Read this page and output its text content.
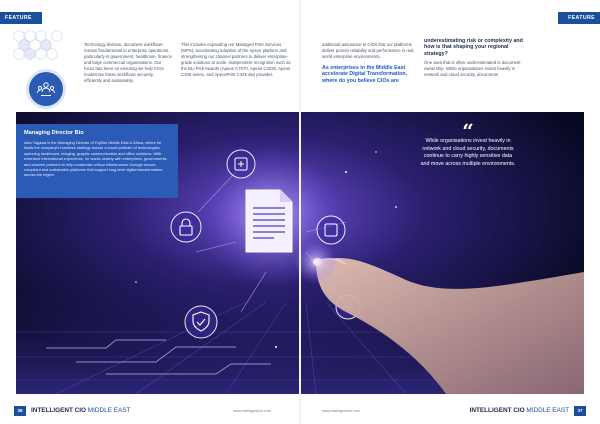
FEATURE	FEATURE

Technology division, document workflows remain fundamental to enterprise operations, particularly in government, healthcare, finance and large commercial organisations. Our focus has been on ensuring we help CIOs modernise these workflows securely, efficiently and sustainably.

This includes expanding our Managed Print Services (MPS), accelerating adoption of the Apeos platform and strengthening our channel partners to deliver enterprise-grade solutions at scale. Independent recognition such as the BLI Pick Awards (Apeos C7070, Apeos C4030, Apeos C325 series, and ApeosPrint C325 dw) provides

additional assurance to CIOs that our platforms deliver proven reliability and performance in real world enterprise environments.

As enterprises in the Middle East accelerate Digital Transformation, where do you believe CIOs are

underestimating risk or complexity and how is that shaping your regional strategy?

One area that is often underestimated is document ownership. While organisations invest heavily in network and cloud security, documents

Managing Director Bio
Alan Tagawa is the Managing Director of Fujifilm Middle East & Africa, where he leads the company's business strategy across a broad portfolio of technologies spanning healthcare, imaging, graphic communication and office solutions. With extensive international experience, he works closely with enterprises, governments and channel partners to help modernise critical infrastructure through secure, compliant and sustainable platforms that support long-term digital transformation across the region.
“
While organisations invest heavily in network and cloud security, documents continue to carry highly sensitive data and move across multiple environments.
36	INTELLIGENT CIO MIDDLE EAST	www.intelligentcio.com	www.intelligentcio.com	INTELLIGENT CIO MIDDLE EAST	37
